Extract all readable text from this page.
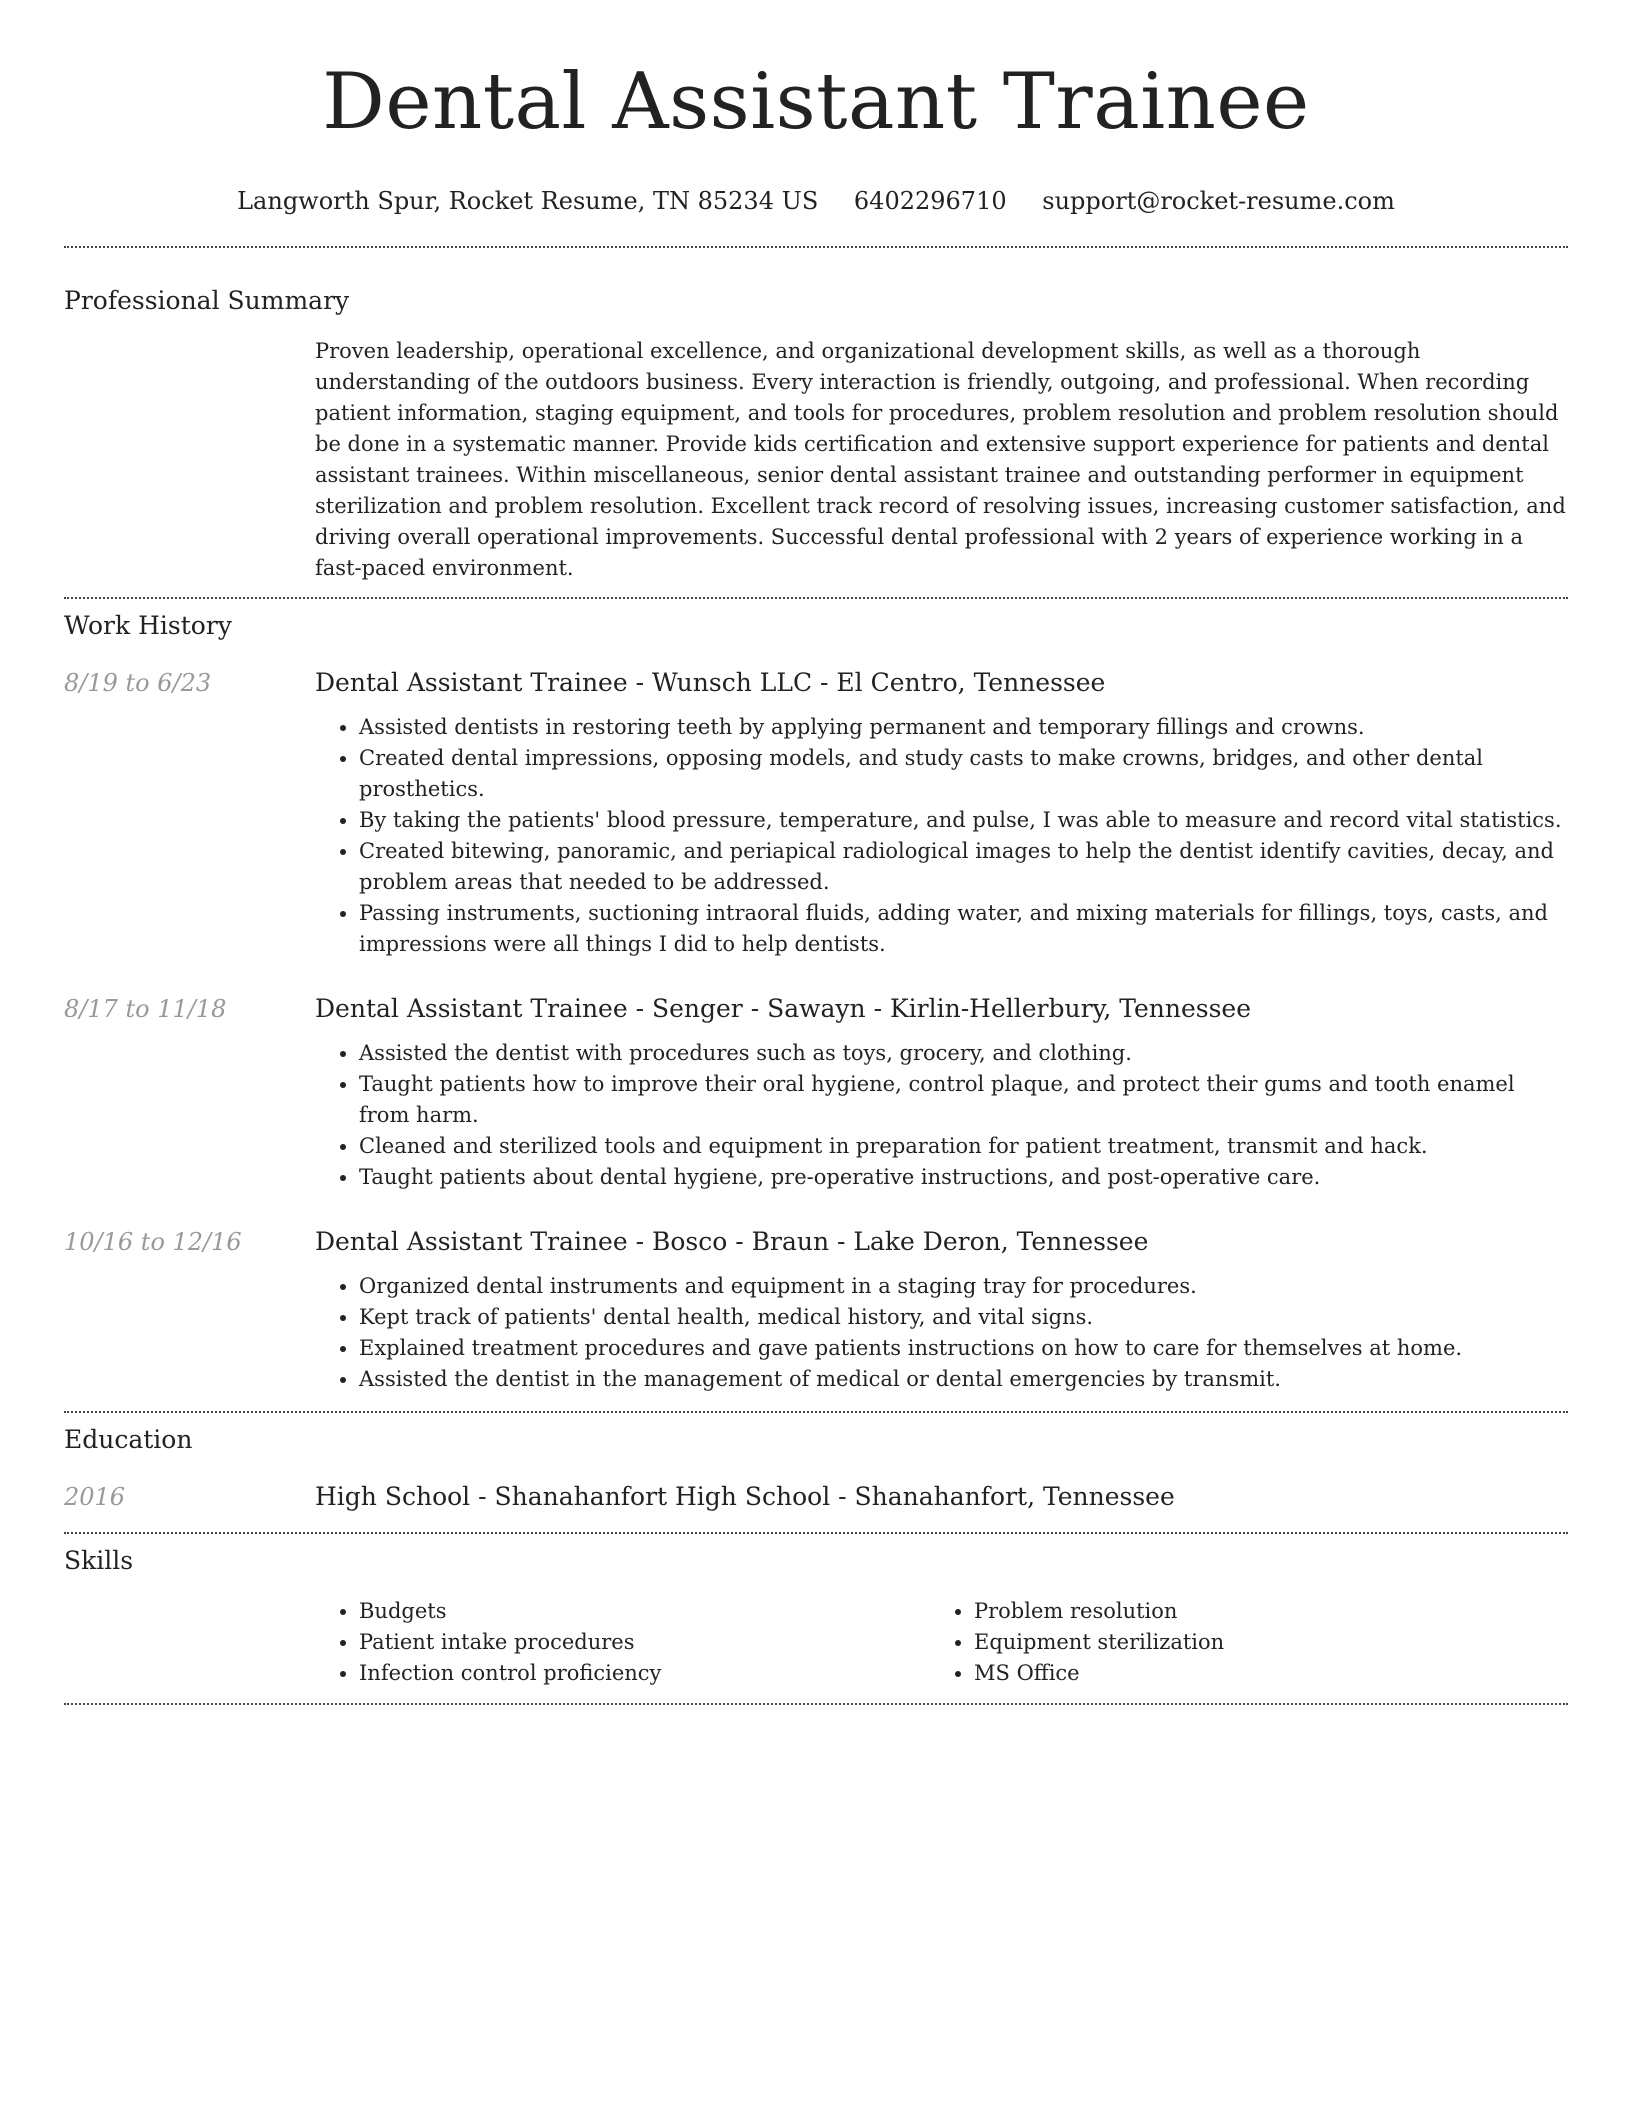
Dental Assistant Trainee
Langworth Spur, Rocket Resume, TN 85234 US 6402296710 support@rocket-resume.com
Professional Summary

Proven leadership, operational excellence, and organizational development skills, as well as a thorough understanding of the outdoors business. Every interaction is friendly, outgoing, and professional. When recording patient information, staging equipment, and tools for procedures, problem resolution and problem resolution should be done in a systematic manner. Provide kids certification and extensive support experience for patients and dental assistant trainees. Within miscellaneous, senior dental assistant trainee and outstanding performer in equipment sterilization and problem resolution. Excellent track record of resolving issues, increasing customer satisfaction, and driving overall operational improvements. Successful dental professional with 2 years of experience working in a fast-paced environment.

Work History
8/19 to 6/23	Dental Assistant Trainee - Wunsch LLC - El Centro, Tennessee
• Assisted dentists in restoring teeth by applying permanent and temporary fillings and crowns.
• Created dental impressions, opposing models, and study casts to make crowns, bridges, and other dental prosthetics.
• By taking the patients' blood pressure, temperature, and pulse, I was able to measure and record vital statistics.
• Created bitewing, panoramic, and periapical radiological images to help the dentist identify cavities, decay, and problem areas that needed to be addressed.
• Passing instruments, suctioning intraoral fluids, adding water, and mixing materials for fillings, toys, casts, and impressions were all things I did to help dentists.
8/17 to 11/18	Dental Assistant Trainee - Senger - Sawayn - Kirlin-Hellerbury, Tennessee
• Assisted the dentist with procedures such as toys, grocery, and clothing.
• Taught patients how to improve their oral hygiene, control plaque, and protect their gums and tooth enamel from harm.
• Cleaned and sterilized tools and equipment in preparation for patient treatment, transmit and hack.
• Taught patients about dental hygiene, pre-operative instructions, and post-operative care.
10/16 to 12/16	Dental Assistant Trainee - Bosco - Braun - Lake Deron, Tennessee
• Organized dental instruments and equipment in a staging tray for procedures.
• Kept track of patients' dental health, medical history, and vital signs.
• Explained treatment procedures and gave patients instructions on how to care for themselves at home.
• Assisted the dentist in the management of medical or dental emergencies by transmit.
Education
2016	High School - Shanahanfort High School - Shanahanfort, Tennessee
Skills
• Budgets
• Patient intake procedures
• Infection control proficiency
• Problem resolution
• Equipment sterilization
• MS Office
